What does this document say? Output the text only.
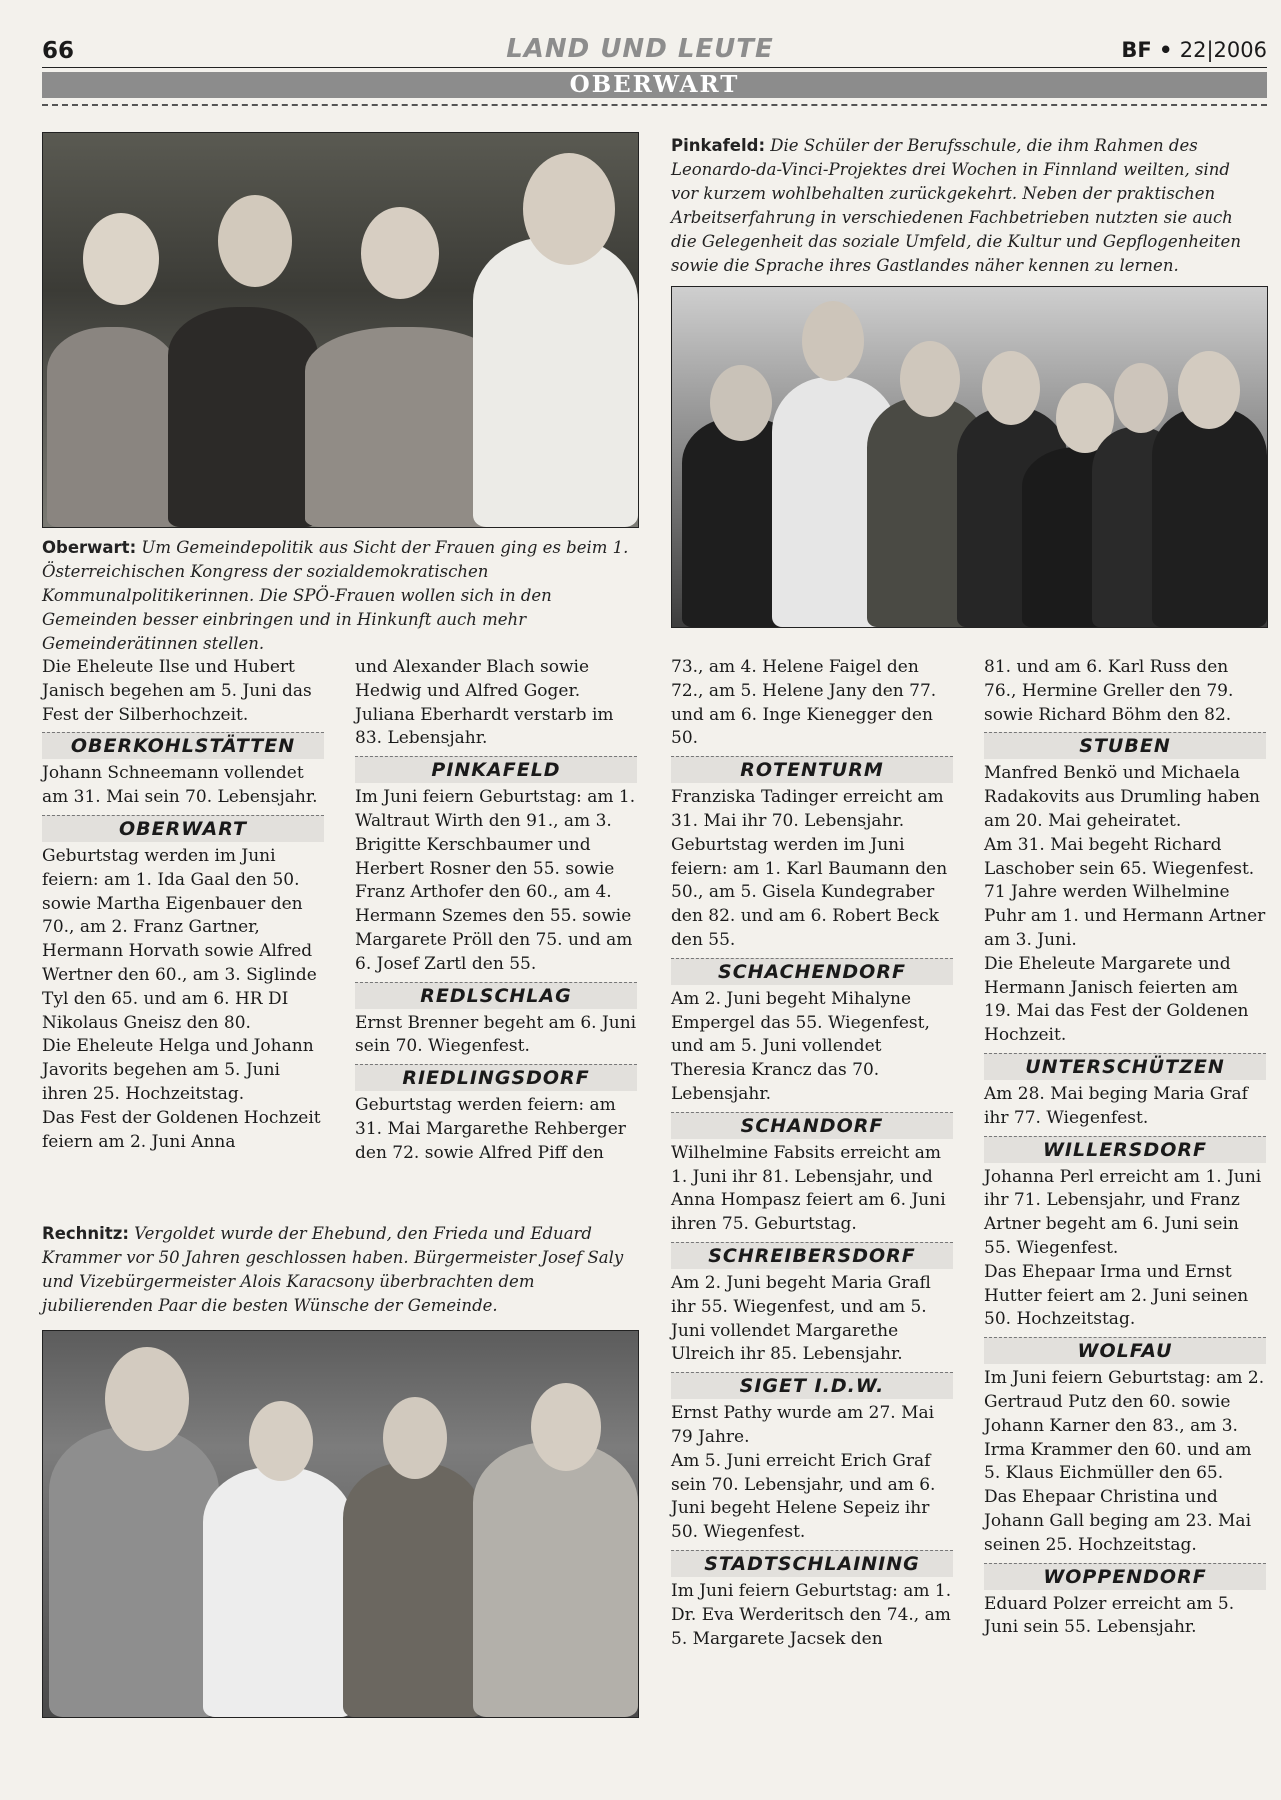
66	LAND UND LEUTE	BF • 22|2006
OBERWART
Oberwart: Um Gemeindepolitik aus Sicht der Frauen ging es beim 1. Österreichischen Kongress der sozialdemokratischen Kommunalpolitikerinnen. Die SPÖ-Frauen wollen sich in den Gemeinden besser einbringen und in Hinkunft auch mehr Gemeinderätinnen stellen.
Pinkafeld: Die Schüler der Berufsschule, die ihm Rahmen des Leonardo-da-Vinci-Projektes drei Wochen in Finnland weilten, sind vor kurzem wohlbehalten zurückgekehrt. Neben der praktischen Arbeitserfahrung in verschiedenen Fachbetrieben nutzten sie auch die Gelegenheit das soziale Umfeld, die Kultur und Gepflogenheiten sowie die Sprache ihres Gastlandes näher kennen zu lernen.

Die Eheleute Ilse und Hubert Janisch begehen am 5. Juni das Fest der Silberhochzeit.

OBERKOHLSTÄTTEN

Johann Schneemann vollendet am 31. Mai sein 70. Lebensjahr.

OBERWART

Geburtstag werden im Juni feiern: am 1. Ida Gaal den 50. sowie Martha Eigenbauer den 70., am 2. Franz Gartner, Hermann Horvath sowie Alfred Wertner den 60., am 3. Siglinde Tyl den 65. und am 6. HR DI Nikolaus Gneisz den 80.

Die Eheleute Helga und Johann Javorits begehen am 5. Juni ihren 25. Hochzeitstag.

Das Fest der Goldenen Hochzeit feiern am 2. Juni Anna

und Alexander Blach sowie Hedwig und Alfred Goger.

Juliana Eberhardt verstarb im 83. Lebensjahr.

PINKAFELD

Im Juni feiern Geburtstag: am 1. Waltraut Wirth den 91., am 3. Brigitte Kerschbaumer und Herbert Rosner den 55. sowie Franz Arthofer den 60., am 4. Hermann Szemes den 55. sowie Margarete Pröll den 75. und am 6. Josef Zartl den 55.

REDLSCHLAG

Ernst Brenner begeht am 6. Juni sein 70. Wiegenfest.

RIEDLINGSDORF

Geburtstag werden feiern: am 31. Mai Margarethe Rehberger den 72. sowie Alfred Piff den

Rechnitz: Vergoldet wurde der Ehebund, den Frieda und Eduard Krammer vor 50 Jahren geschlossen haben. Bürgermeister Josef Saly und Vizebürgermeister Alois Karacsony überbrachten dem jubilierenden Paar die besten Wünsche der Gemeinde.

73., am 4. Helene Faigel den 72., am 5. Helene Jany den 77. und am 6. Inge Kienegger den 50.

ROTENTURM

Franziska Tadinger erreicht am 31. Mai ihr 70. Lebensjahr.

Geburtstag werden im Juni feiern: am 1. Karl Baumann den 50., am 5. Gisela Kundegraber den 82. und am 6. Robert Beck den 55.

SCHACHENDORF

Am 2. Juni begeht Mihalyne Empergel das 55. Wiegenfest, und am 5. Juni vollendet Theresia Krancz das 70. Lebensjahr.

SCHANDORF

Wilhelmine Fabsits erreicht am 1. Juni ihr 81. Lebensjahr, und Anna Hompasz feiert am 6. Juni ihren 75. Geburtstag.

SCHREIBERSDORF

Am 2. Juni begeht Maria Grafl ihr 55. Wiegenfest, und am 5. Juni vollendet Margarethe Ulreich ihr 85. Lebensjahr.

SIGET I.D.W.

Ernst Pathy wurde am 27. Mai 79 Jahre.

Am 5. Juni erreicht Erich Graf sein 70. Lebensjahr, und am 6. Juni begeht Helene Sepeiz ihr 50. Wiegenfest.

STADTSCHLAINING

Im Juni feiern Geburtstag: am 1. Dr. Eva Werderitsch den 74., am 5. Margarete Jacsek den

81. und am 6. Karl Russ den 76., Hermine Greller den 79. sowie Richard Böhm den 82.

STUBEN

Manfred Benkö und Michaela Radakovits aus Drumling haben am 20. Mai geheiratet.

Am 31. Mai begeht Richard Laschober sein 65. Wiegenfest.

71 Jahre werden Wilhelmine Puhr am 1. und Hermann Artner am 3. Juni.

Die Eheleute Margarete und Hermann Janisch feierten am 19. Mai das Fest der Goldenen Hochzeit.

UNTERSCHÜTZEN

Am 28. Mai beging Maria Graf ihr 77. Wiegenfest.

WILLERSDORF

Johanna Perl erreicht am 1. Juni ihr 71. Lebensjahr, und Franz Artner begeht am 6. Juni sein 55. Wiegenfest.

Das Ehepaar Irma und Ernst Hutter feiert am 2. Juni seinen 50. Hochzeitstag.

WOLFAU

Im Juni feiern Geburtstag: am 2. Gertraud Putz den 60. sowie Johann Karner den 83., am 3. Irma Krammer den 60. und am 5. Klaus Eichmüller den 65.

Das Ehepaar Christina und Johann Gall beging am 23. Mai seinen 25. Hochzeitstag.

WOPPENDORF

Eduard Polzer erreicht am 5. Juni sein 55. Lebensjahr.
